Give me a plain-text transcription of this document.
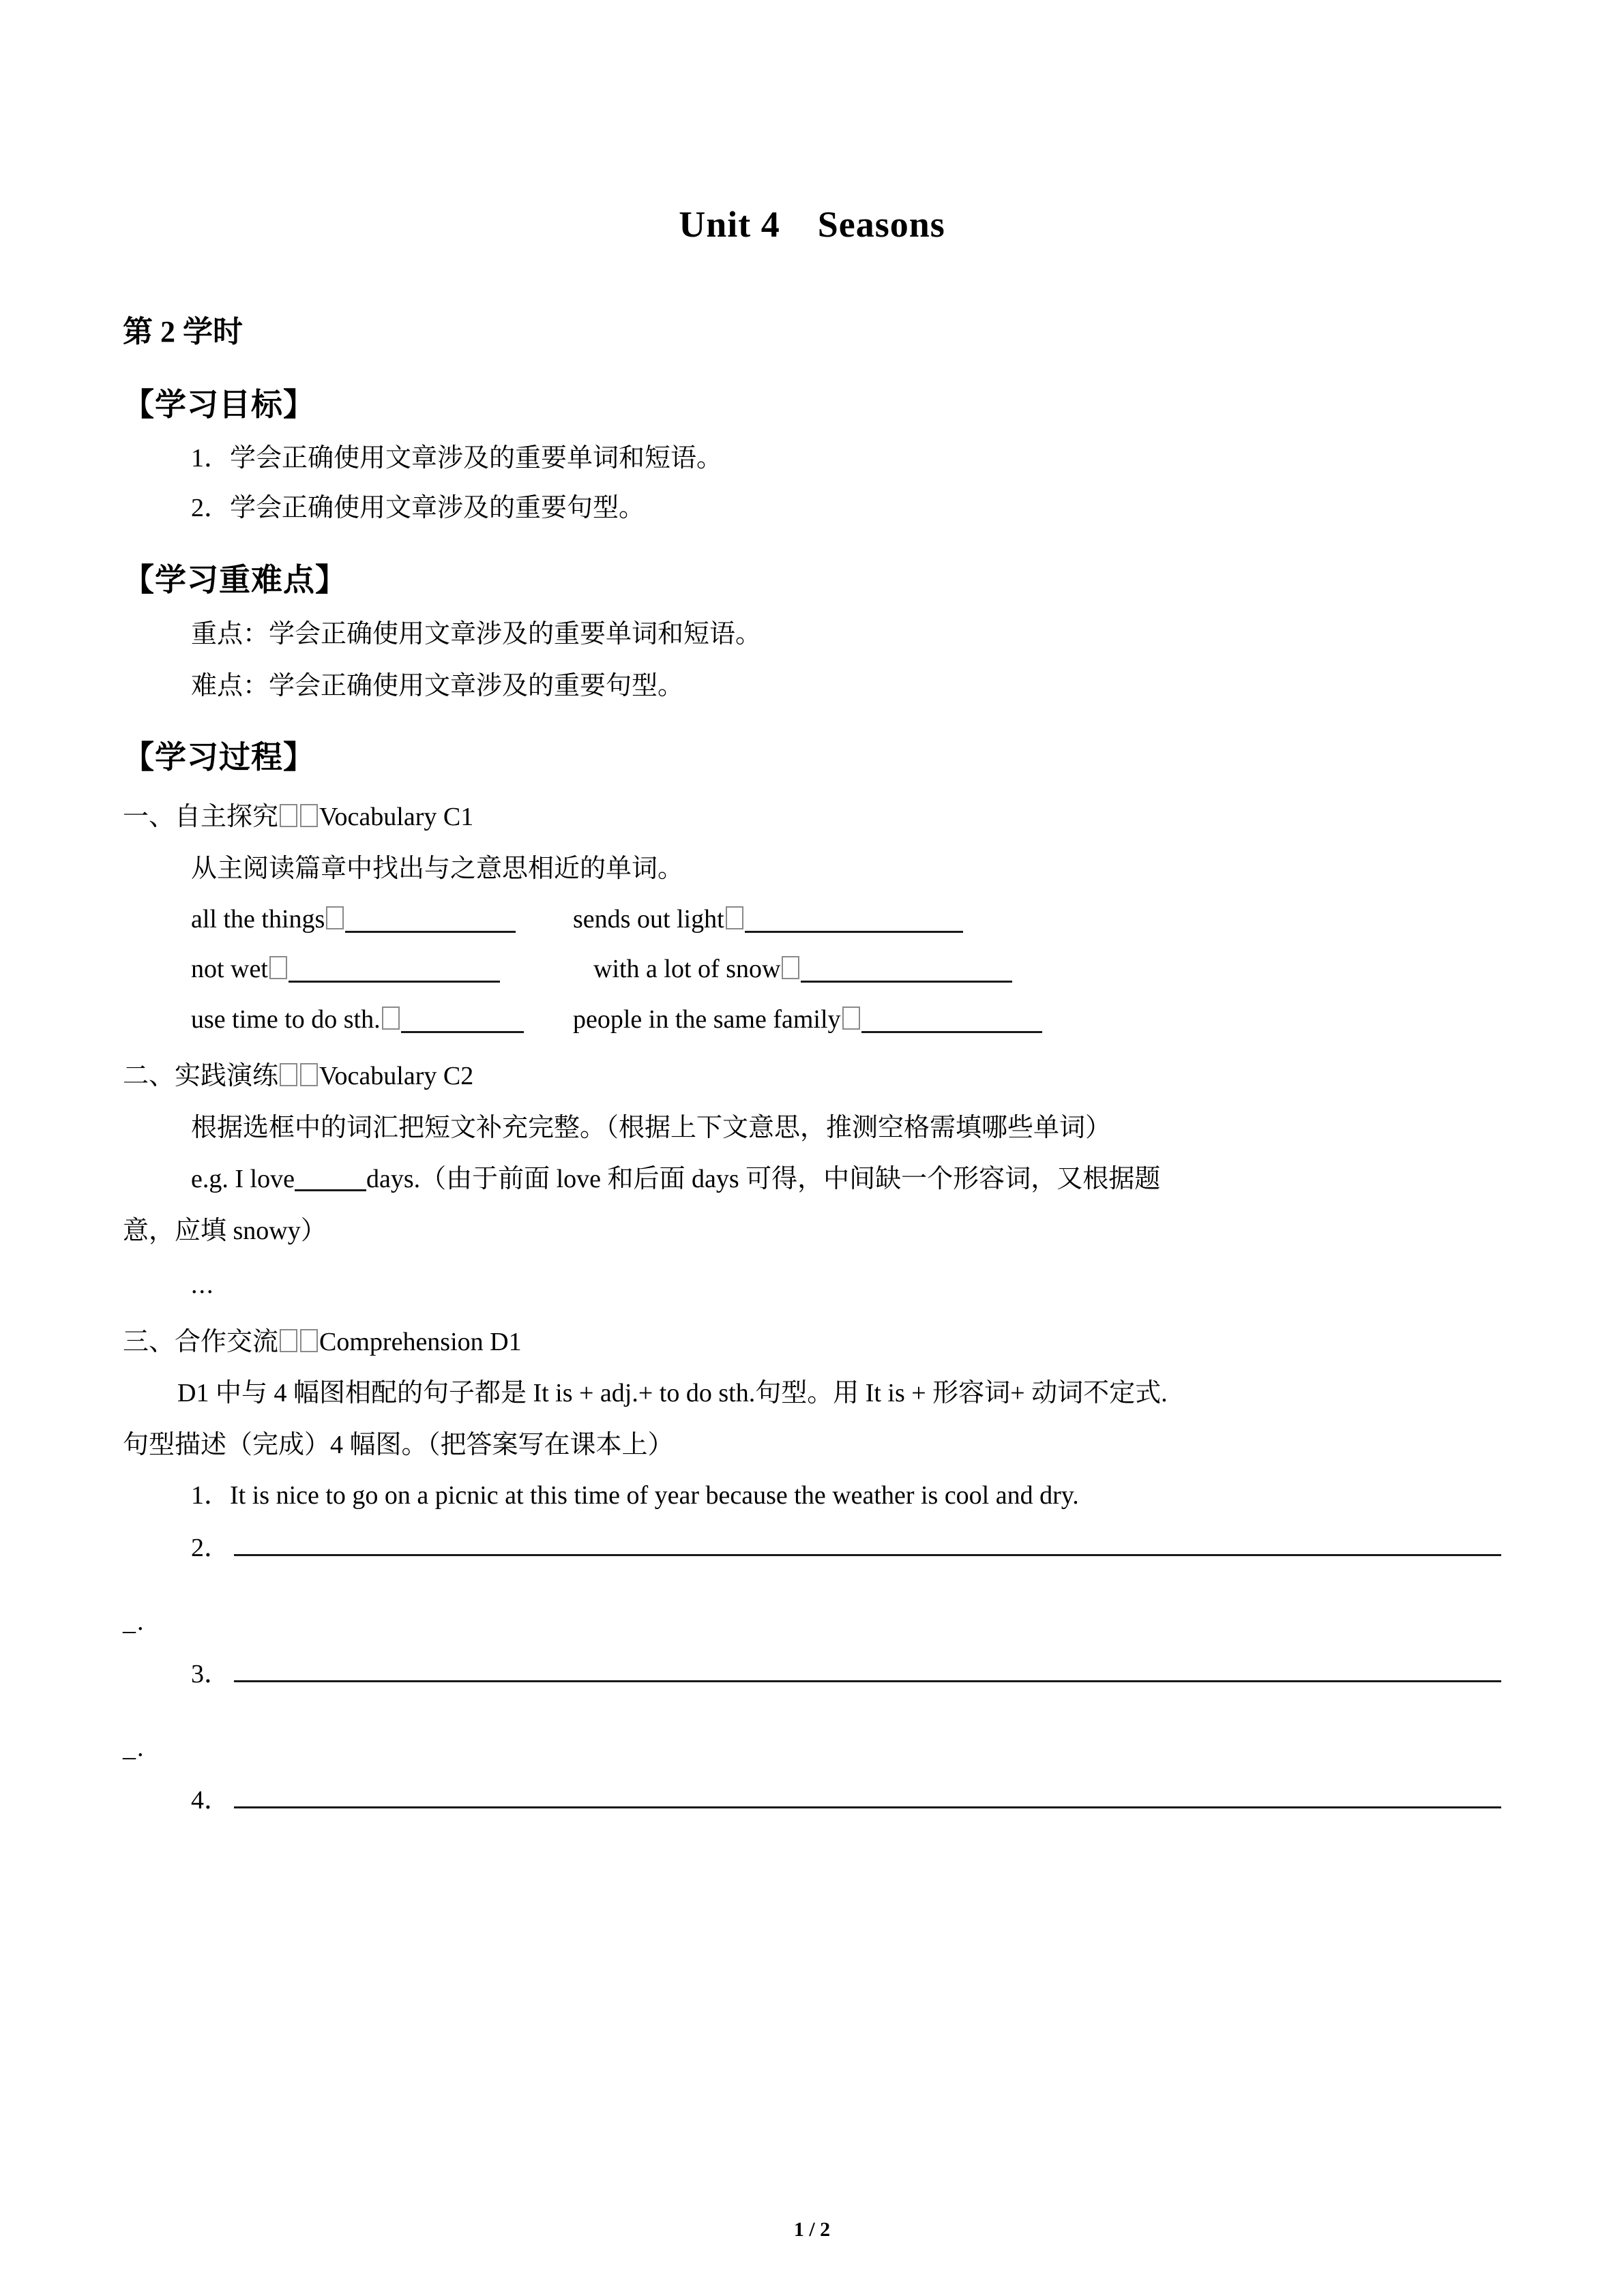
Unit 4　Seasons
第 2 学时
【学习目标】
1．学会正确使用文章涉及的重要单词和短语。
2．学会正确使用文章涉及的重要句型。
【学习重难点】
重点：学会正确使用文章涉及的重要单词和短语。
难点：学会正确使用文章涉及的重要句型。
【学习过程】
一、自主探究 Vocabulary C1
从主阅读篇章中找出与之意思相近的单词。
all the things	sends out light
not wet	with a lot of snow
use time to do sth.	people in the same family
二、实践演练 Vocabulary C2
根据选框中的词汇把短文补充完整。（根据上下文意思，推测空格需填哪些单词）
e.g. I love	days.（由于前面 love 和后面 days 可得，中间缺一个形容词，又根据题
意，应填 snowy）
...
三、合作交流 Comprehension D1
D1 中与 4 幅图相配的句子都是 It is + adj.+ to do sth.句型。用 It is + 形容词+ 动词不定式.
句型描述（完成）4 幅图。（把答案写在课本上）
1．It is nice to go on a picnic at this time of year because the weather is cool and dry.
2．
_.
3．
_.
4．
1 / 2
